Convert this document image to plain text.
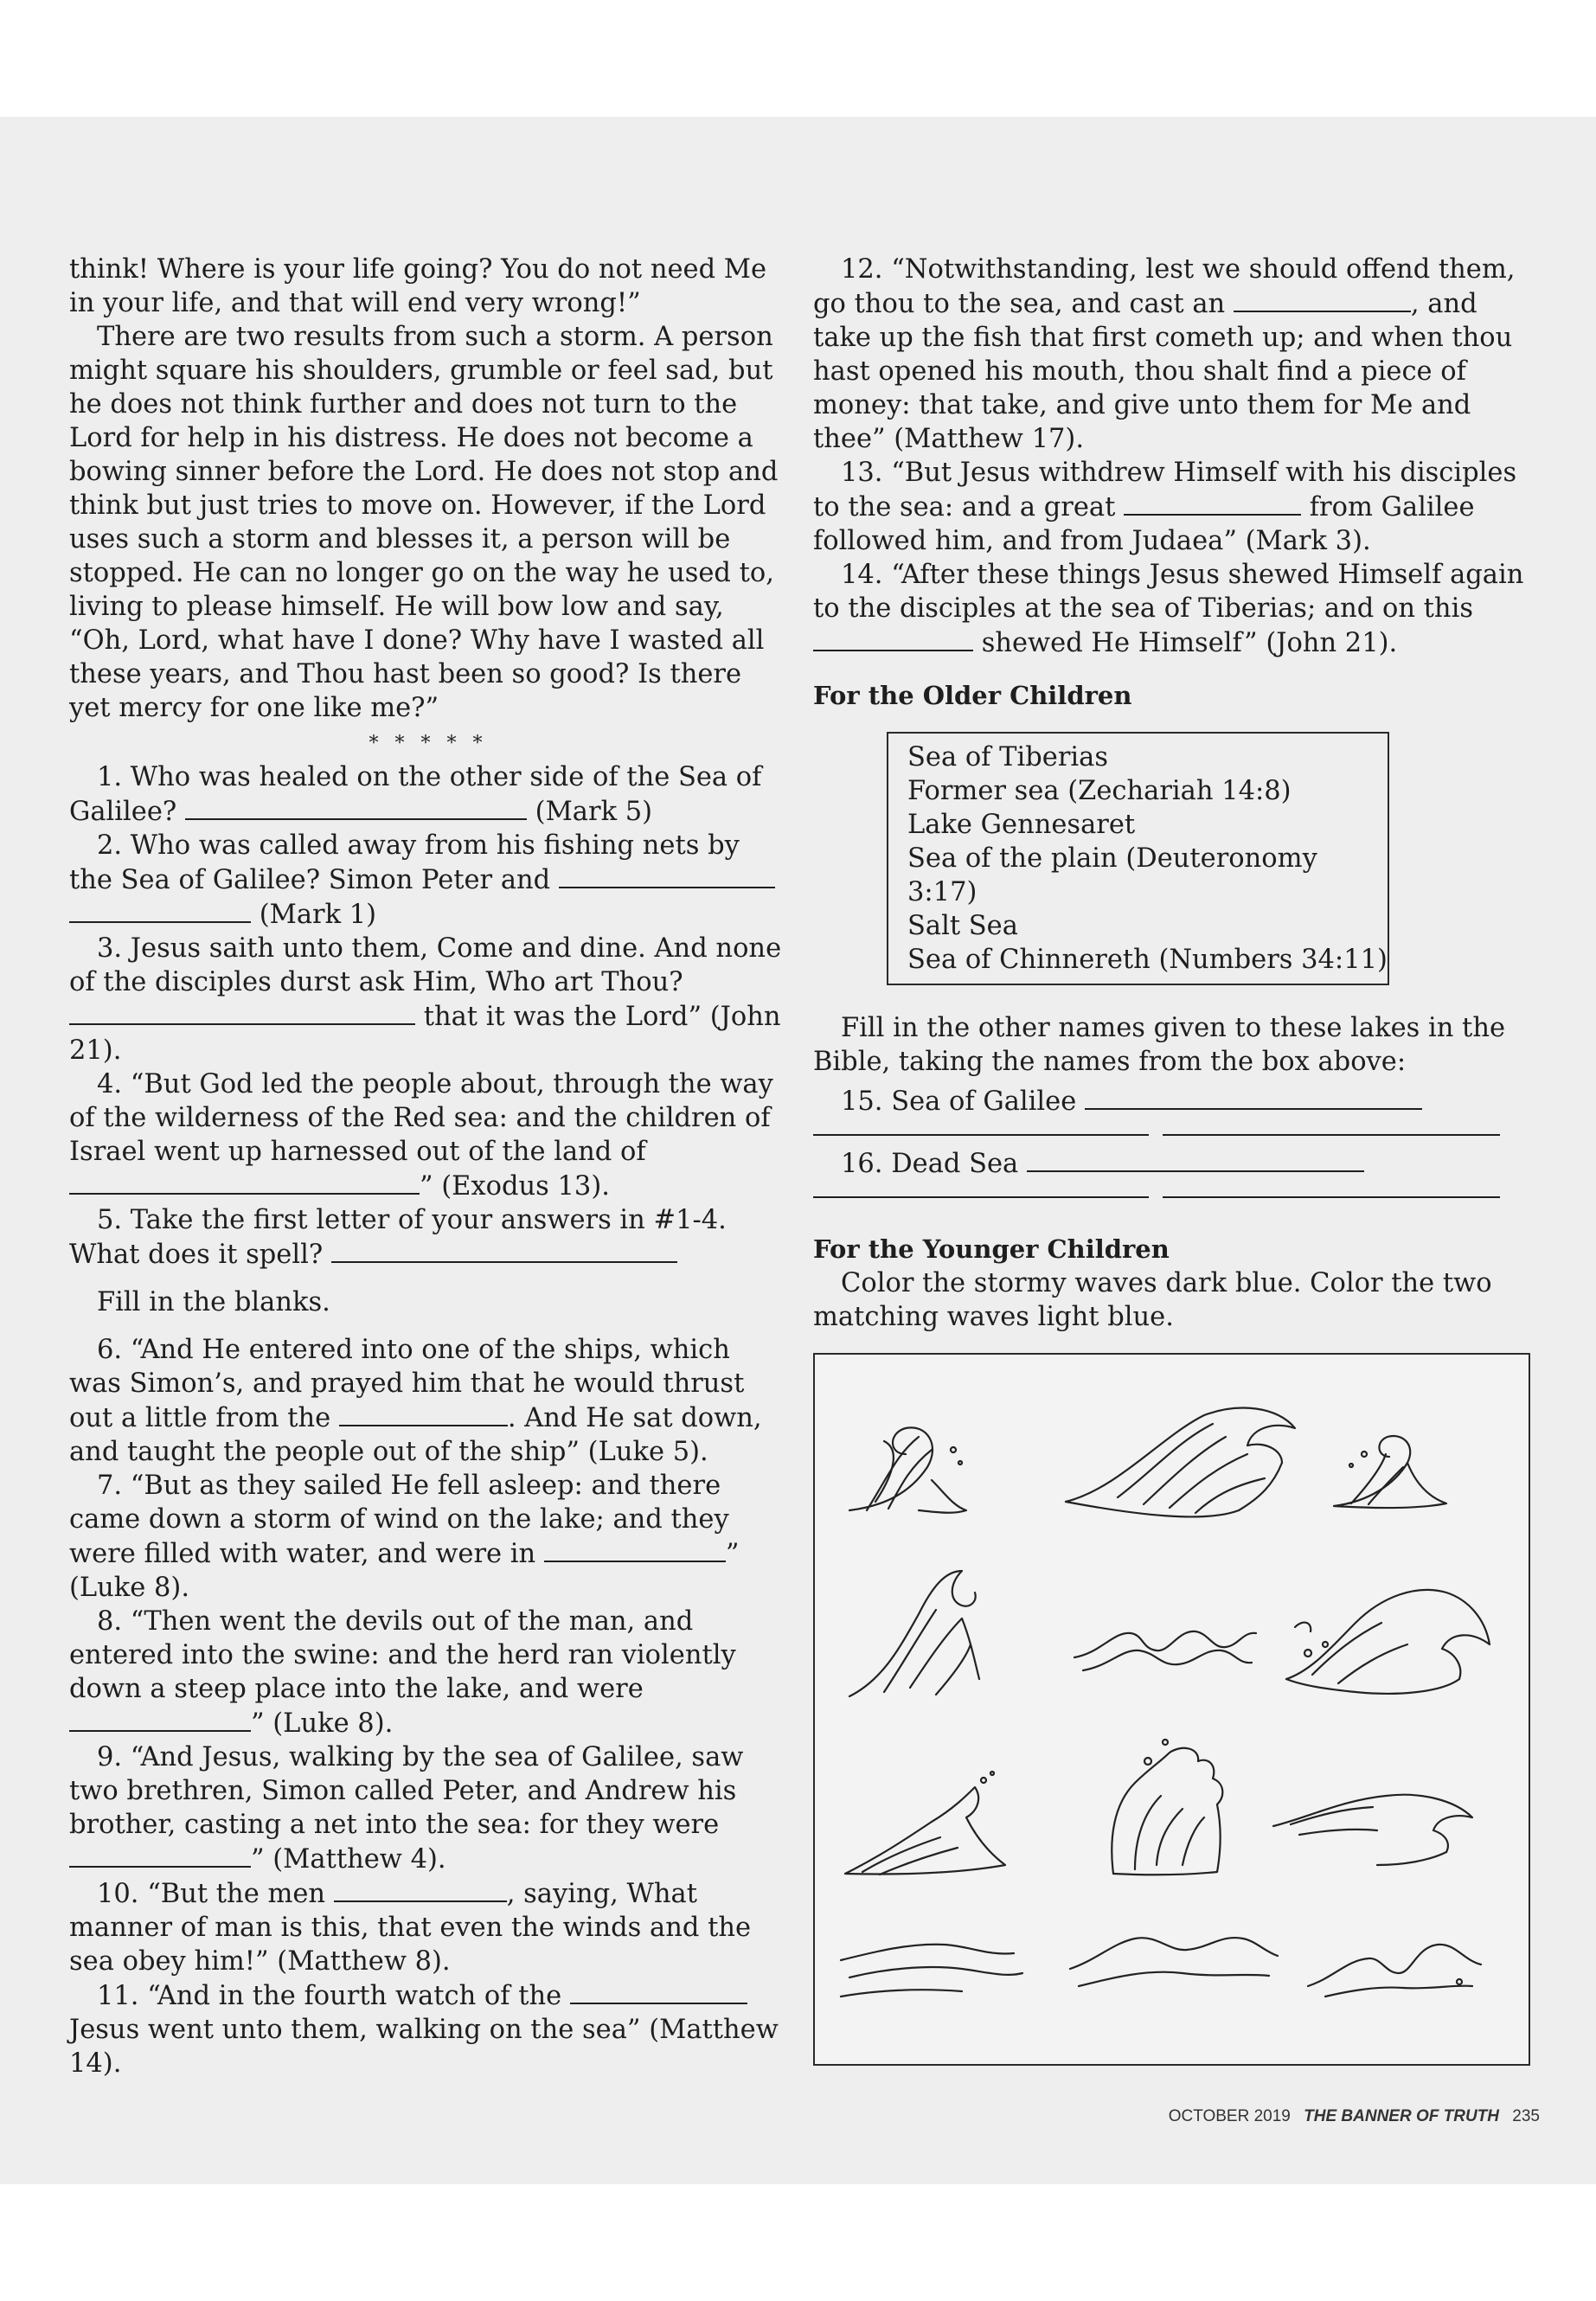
think! Where is your life going? You do not need Me in your life, and that will end very wrong!”

There are two results from such a storm. A person might square his shoulders, grumble or feel sad, but he does not think further and does not turn to the Lord for help in his distress. He does not become a bowing sinner before the Lord. He does not stop and think but just tries to move on. However, if the Lord uses such a storm and blesses it, a person will be stopped. He can no longer go on the way he used to, living to please himself. He will bow low and say, “Oh, Lord, what have I done? Why have I wasted all these years, and Thou hast been so good? Is there yet mercy for one like me?”

* * * * *

1. Who was healed on the other side of the Sea of Galilee?	(Mark 5)

2. Who was called away from his fishing nets by the Sea of Galilee? Simon Peter and   (Mark 1)

3. Jesus saith unto them, Come and dine. And none of the disciples durst ask Him, Who art Thou?  that it was the Lord” (John 21).

4. “But God led the people about, through the way of the wilderness of the Red sea: and the children of Israel went up harnessed out of the land of ” (Exodus 13).

5. Take the first letter of your answers in #1-4. What does it spell?

Fill in the blanks.

6. “And He entered into one of the ships, which was Simon’s, and prayed him that he would thrust out a little from the	. And He sat down, and taught the people out of the ship” (Luke 5).

7. “But as they sailed He fell asleep: and there came down a storm of wind on the lake; and they were filled with water, and were in	” (Luke 8).

8. “Then went the devils out of the man, and entered into the swine: and the herd ran violently down a steep place into the lake, and were ” (Luke 8).

9. “And Jesus, walking by the sea of Galilee, saw two brethren, Simon called Peter, and Andrew his brother, casting a net into the sea: for they were ” (Matthew 4).

10. “But the men	, saying, What manner of man is this, that even the winds and the sea obey him!” (Matthew 8).

11. “And in the fourth watch of the  Jesus went unto them, walking on the sea” (Matthew 14).

12. “Notwithstanding, lest we should offend them, go thou to the sea, and cast an	, and take up the fish that first cometh up; and when thou hast opened his mouth, thou shalt find a piece of money: that take, and give unto them for Me and thee” (Matthew 17).

13. “But Jesus withdrew Himself with his disciples to the sea: and a great	from Galilee followed him, and from Judaea” (Mark 3).

14. “After these things Jesus shewed Himself again to the disciples at the sea of Tiberias; and on this  shewed He Himself” (John 21).

For the Older Children

Sea of Tiberias
Former sea (Zechariah 14:8)
Lake Gennesaret
Sea of the plain (Deuteronomy 3:17)
Salt Sea
Sea of Chinnereth (Numbers 34:11)

Fill in the other names given to these lakes in the Bible, taking the names from the box above:

15. Sea of Galilee

16. Dead Sea

For the Younger Children

Color the stormy waves dark blue. Color the two matching waves light blue.

OCTOBER 2019 THE BANNER OF TRUTH 235
